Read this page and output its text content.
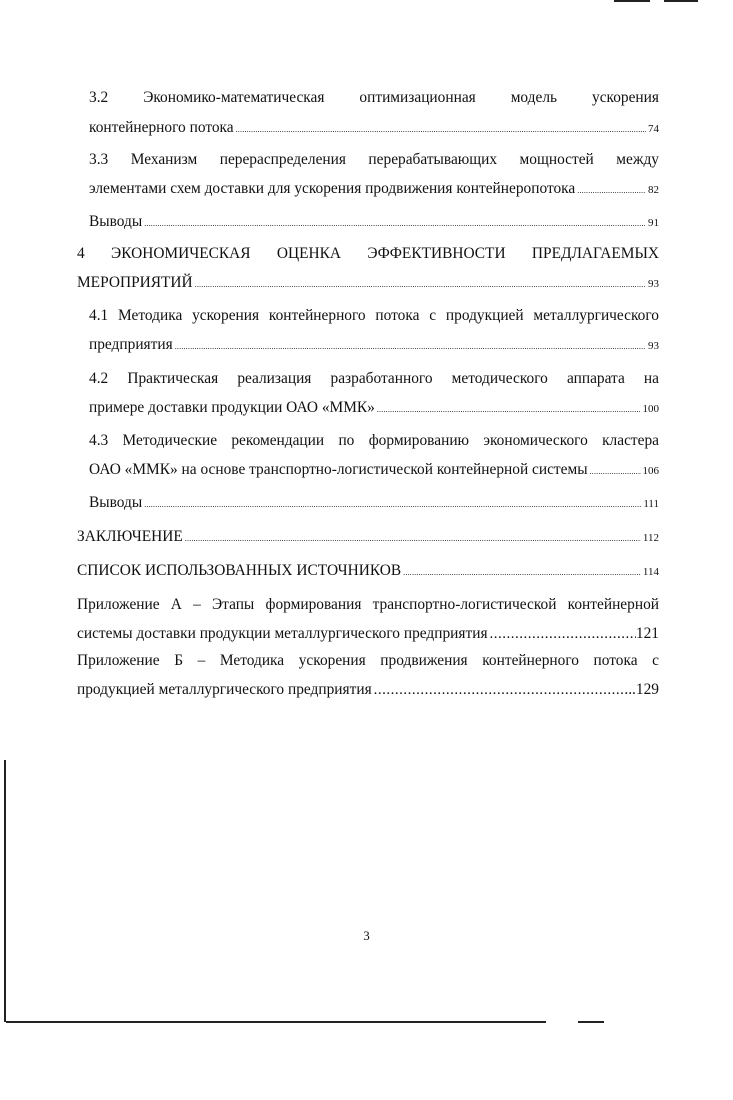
3.2 Экономико-математическая оптимизационная модель ускорения
контейнерного потока .....	74
3.3 Механизм перераспределения перерабатывающих мощностей между
элементами схем доставки для ускорения продвижения контейнеропотока .....	82
Выводы .....	91
4 ЭКОНОМИЧЕСКАЯ ОЦЕНКА ЭФФЕКТИВНОСТИ ПРЕДЛАГАЕМЫХ
МЕРОПРИЯТИЙ .....	93
4.1 Методика ускорения контейнерного потока с продукцией металлургического
предприятия .....	93
4.2 Практическая реализация разработанного методического аппарата на
примере доставки продукции ОАО «ММК» .....	100
4.3 Методические рекомендации по формированию экономического кластера
ОАО «ММК» на основе транспортно-логистической контейнерной системы .....	106
Выводы .....	111
ЗАКЛЮЧЕНИЕ .....	112
СПИСОК ИСПОЛЬЗОВАННЫХ ИСТОЧНИКОВ .....	114
Приложение А – Этапы формирования транспортно-логистической контейнерной
системы доставки продукции металлургического предприятия .....	121
Приложение Б – Методика ускорения продвижения контейнерного потока с
продукцией металлургического предприятия .....	...129
3
